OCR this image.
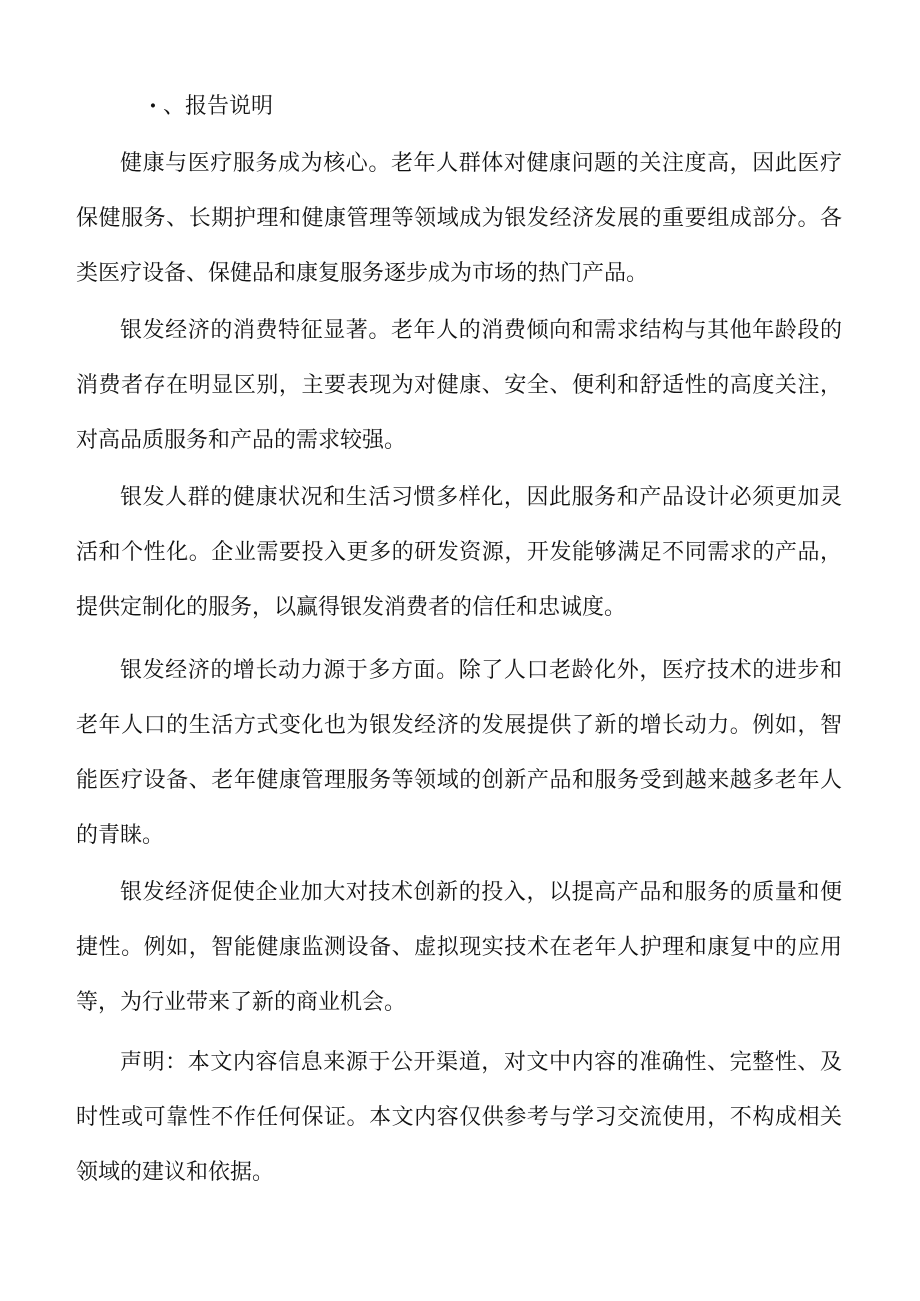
· 、报告说明

健康与医疗服务成为核心。老年人群体对健康问题的关注度高，因此医疗保健服务、长期护理和健康管理等领域成为银发经济发展的重要组成部分。各类医疗设备、保健品和康复服务逐步成为市场的热门产品。

银发经济的消费特征显著。老年人的消费倾向和需求结构与其他年龄段的消费者存在明显区别，主要表现为对健康、安全、便利和舒适性的高度关注，对高品质服务和产品的需求较强。

银发人群的健康状况和生活习惯多样化，因此服务和产品设计必须更加灵活和个性化。企业需要投入更多的研发资源，开发能够满足不同需求的产品，提供定制化的服务，以赢得银发消费者的信任和忠诚度。

银发经济的增长动力源于多方面。除了人口老龄化外，医疗技术的进步和老年人口的生活方式变化也为银发经济的发展提供了新的增长动力。例如，智能医疗设备、老年健康管理服务等领域的创新产品和服务受到越来越多老年人的青睐。

银发经济促使企业加大对技术创新的投入，以提高产品和服务的质量和便捷性。例如，智能健康监测设备、虚拟现实技术在老年人护理和康复中的应用等，为行业带来了新的商业机会。

声明：本文内容信息来源于公开渠道，对文中内容的准确性、完整性、及时性或可靠性不作任何保证。本文内容仅供参考与学习交流使用，不构成相关领域的建议和依据。
